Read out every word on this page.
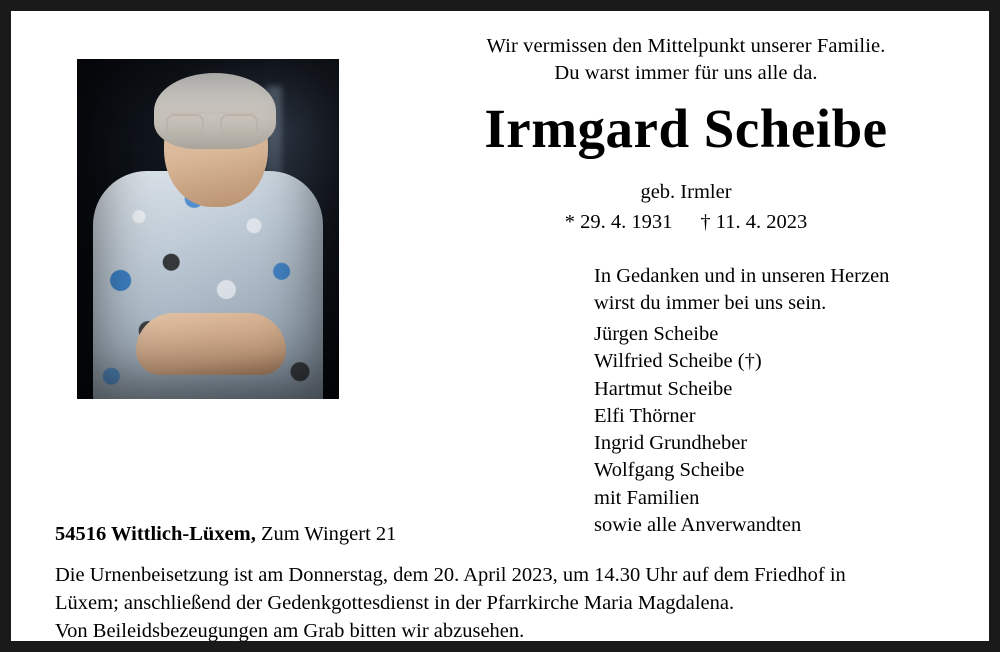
Wir vermissen den Mittelpunkt unserer Familie.
Du warst immer für uns alle da.
Irmgard Scheibe
geb. Irmler
* 29. 4. 1931 † 11. 4. 2023
In Gedanken und in unseren Herzen
wirst du immer bei uns sein.
Jürgen Scheibe
Wilfried Scheibe (†)
Hartmut Scheibe
Elfi Thörner
Ingrid Grundheber
Wolfgang Scheibe
mit Familien
sowie alle Anverwandten
54516 Wittlich-Lüxem, Zum Wingert 21
Die Urnenbeisetzung ist am Donnerstag, dem 20. April 2023, um 14.30 Uhr auf dem Friedhof in
Lüxem; anschließend der Gedenkgottesdienst in der Pfarrkirche Maria Magdalena.
Von Beileidsbezeugungen am Grab bitten wir abzusehen.
